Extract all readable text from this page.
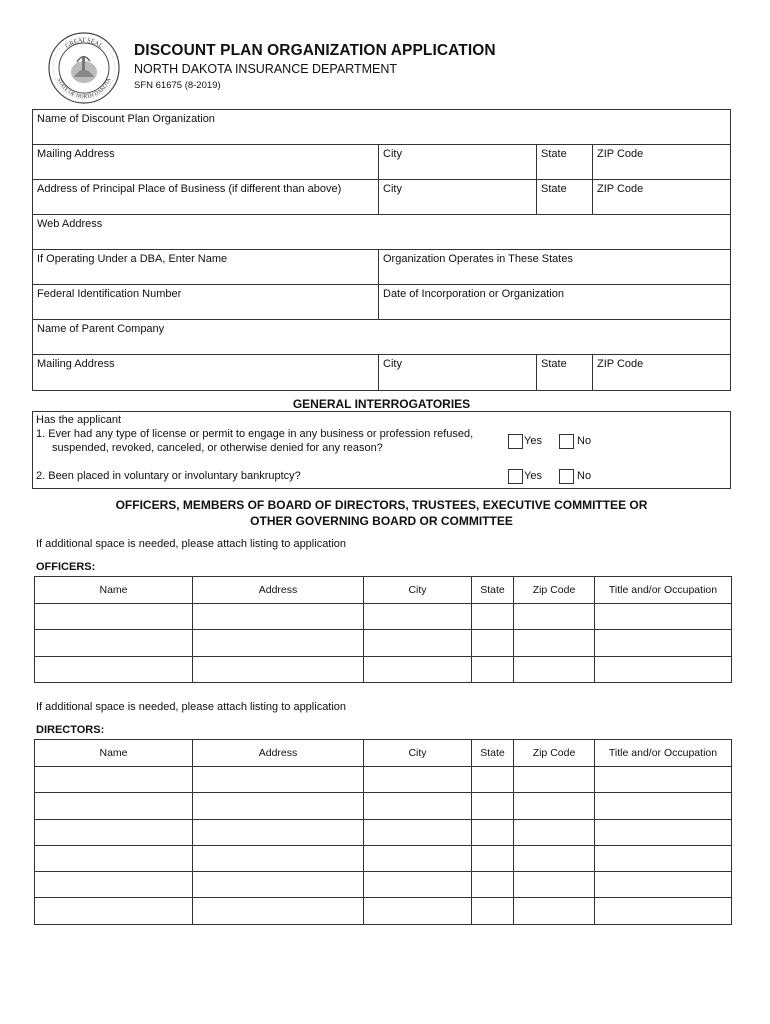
GREAT SEAL
STATE OF NORTH DAKOTA
DISCOUNT PLAN ORGANIZATION APPLICATION
NORTH DAKOTA INSURANCE DEPARTMENT
SFN 61675 (8-2019)
Name of Discount Plan Organization
Mailing Address	City	State	ZIP Code
Address of Principal Place of Business (if different than above)	City	State	ZIP Code
Web Address
If Operating Under a DBA, Enter Name	Organization Operates in These States
Federal Identification Number	Date of Incorporation or Organization
Name of Parent Company
Mailing Address	City	State	ZIP Code
GENERAL INTERROGATORIES
Has the applicant
1. Ever had any type of license or permit to engage in any business or profession refused,
suspended, revoked, canceled, or otherwise denied for any reason?
Yes	No
2. Been placed in voluntary or involuntary bankruptcy?	Yes	No
OFFICERS, MEMBERS OF BOARD OF DIRECTORS, TRUSTEES, EXECUTIVE COMMITTEE OR
OTHER GOVERNING BOARD OR COMMITTEE
If additional space is needed, please attach listing to application
OFFICERS:
Name	Address	City	State	Zip Code	Title and/or Occupation

If additional space is needed, please attach listing to application
DIRECTORS:
Name	Address	City	State	Zip Code	Title and/or Occupation
